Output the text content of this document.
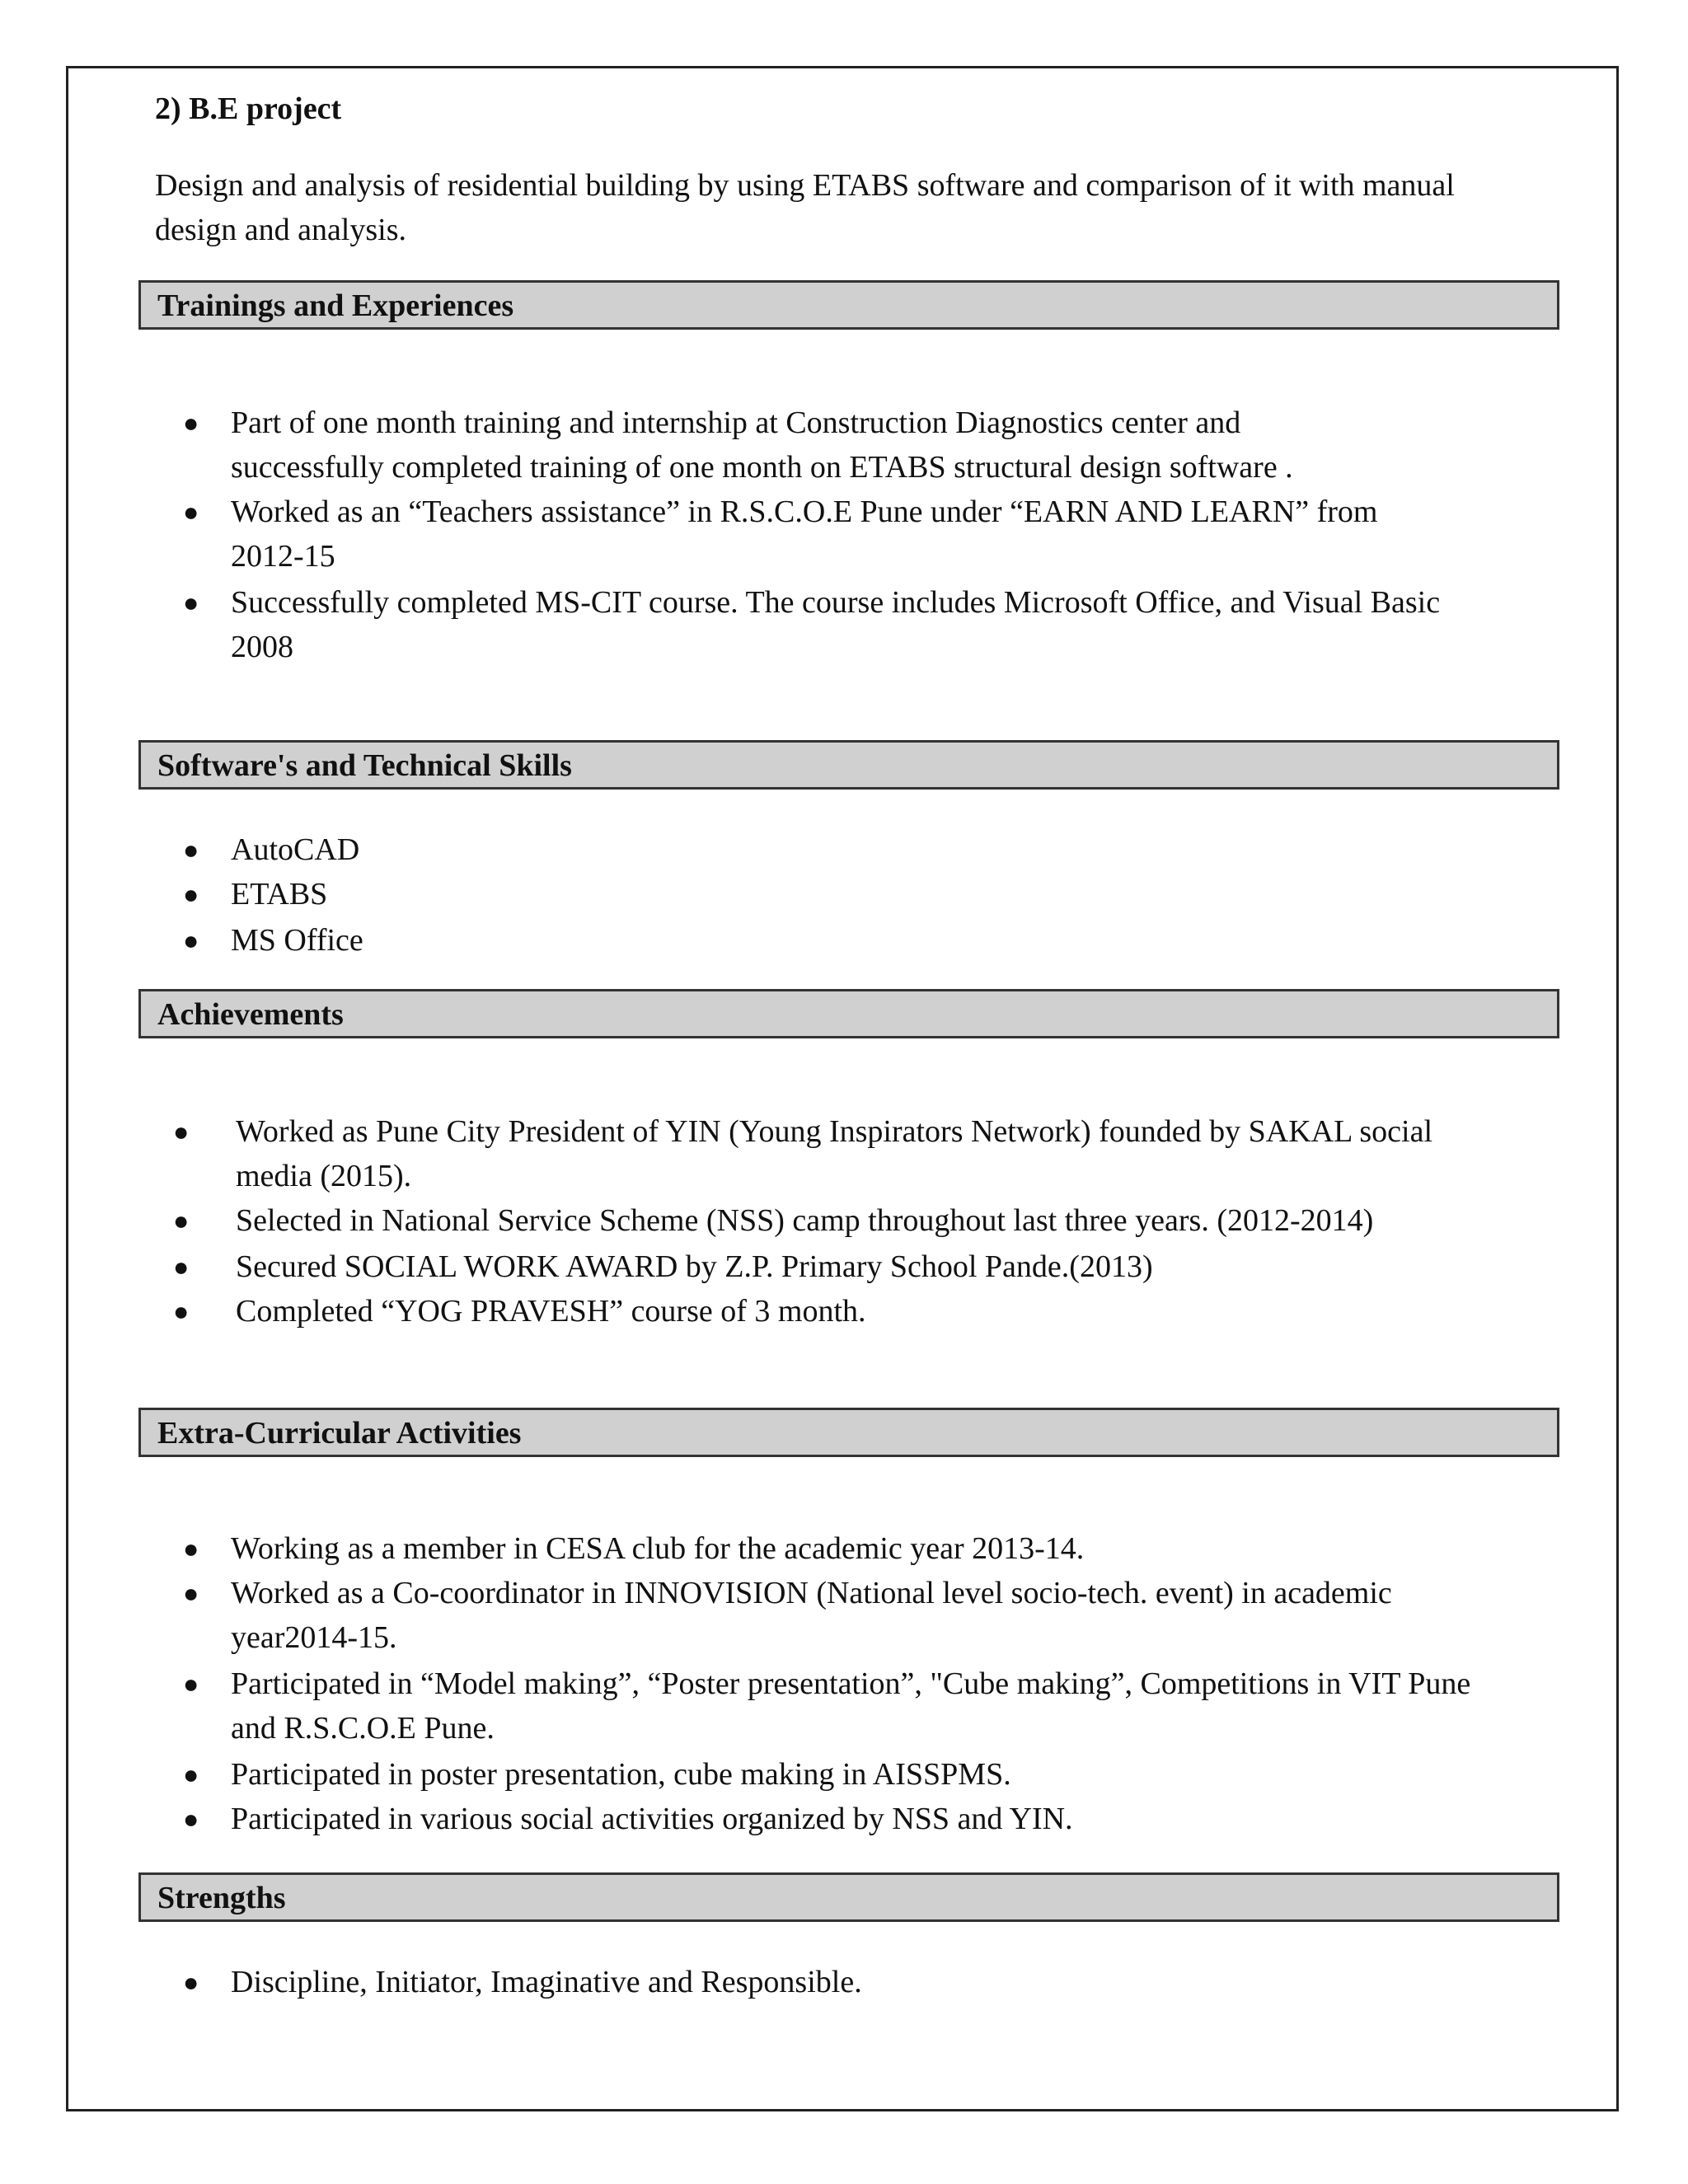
2) B.E project
Design and analysis of residential building by using ETABS software and comparison of it with manual
design and analysis.
Trainings and Experiences
● Part of one month training and internship at Construction Diagnostics center and
successfully completed training of one month on ETABS structural design software .
● Worked as an “Teachers assistance” in R.S.C.O.E Pune under “EARN AND LEARN” from
2012-15
● Successfully completed MS-CIT course. The course includes Microsoft Office, and Visual Basic
2008
Software's and Technical Skills
● AutoCAD
● ETABS
● MS Office
Achievements
● Worked as Pune City President of YIN (Young Inspirators Network) founded by SAKAL social
media (2015).
● Selected in National Service Scheme (NSS) camp throughout last three years. (2012-2014)
● Secured SOCIAL WORK AWARD by Z.P. Primary School Pande.(2013)
● Completed “YOG PRAVESH” course of 3 month.
Extra-Curricular Activities
● Working as a member in CESA club for the academic year 2013-14.
● Worked as a Co-coordinator in INNOVISION (National level socio-tech. event) in academic
year2014-15.
● Participated in “Model making”, “Poster presentation”, "Cube making”, Competitions in VIT Pune
and R.S.C.O.E Pune.
● Participated in poster presentation, cube making in AISSPMS.
● Participated in various social activities organized by NSS and YIN.
Strengths
● Discipline, Initiator, Imaginative and Responsible.
